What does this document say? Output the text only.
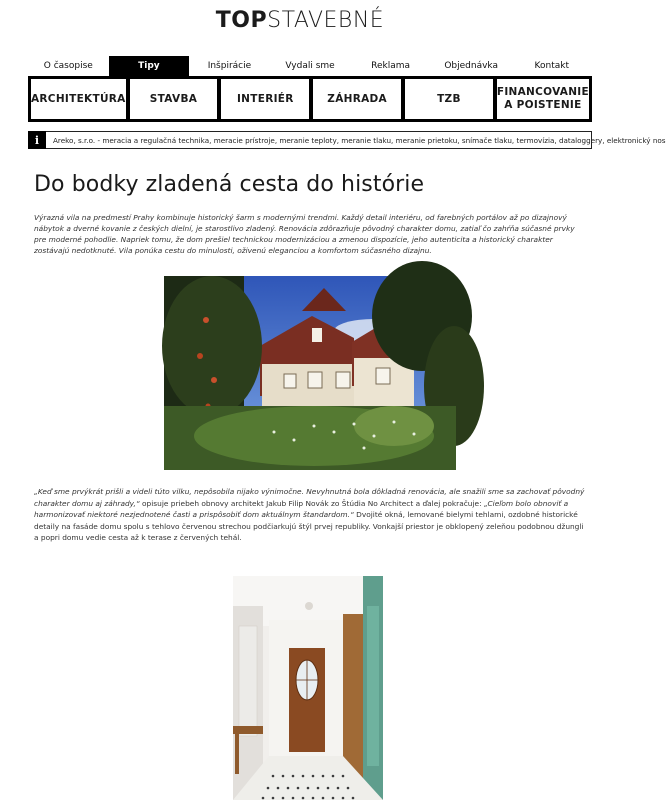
TOPSTAVEBNÉ
O časopise	Tipy	Inšpirácie	Vydali sme	Reklama	Objednávka	Kontakt
ARCHITEKTÚRA	STAVBA	INTERIÉR	ZÁHRADA	TZB
FINANCOVANIE A POISTENIE
i	Areko, s.r.o. - meracia a regulačná technika, meracie prístroje, meranie teploty, meranie tlaku, meranie prietoku, snímače tlaku, termovízia, dataloggery, elektronický nos
Do bodky zladená cesta do histórie

Výrazná vila na predmestí Prahy kombinuje historický šarm s modernými trendmi. Každý detail interiéru, od farebných portálov až po dizajnový nábytok a dverné kovanie z českých dielní, je starostlivo zladený. Renovácia zdôrazňuje pôvodný charakter domu, zatiaľ čo zahŕňa súčasné prvky pre moderné pohodlie. Napriek tomu, že dom prešiel technickou modernizáciou a zmenou dispozície, jeho autenticita a historický charakter zostávajú nedotknuté. Vila ponúka cestu do minulosti, oživenú eleganciou a komfortom súčasného dizajnu.

„Keď sme prvýkrát prišli a videli túto vilku, nepôsobila nijako výnimočne. Nevyhnutná bola dôkladná renovácia, ale snažili sme sa zachovať pôvodný charakter domu aj záhrady,“ opisuje priebeh obnovy architekt Jakub Filip Novák zo Štúdia No Architect a ďalej pokračuje: „Cieľom bolo obnoviť a harmonizovať niektoré nezjednotené časti a prispôsobiť dom aktuálnym štandardom.“ Dvojité okná, lemované bielymi tehlami, ozdobné historické detaily na fasáde domu spolu s tehlovo červenou strechou podčiarkujú štýl prvej republiky. Vonkajší priestor je obklopený zeleňou podobnou džungli a popri domu vedie cesta až k terase z červených tehál.
